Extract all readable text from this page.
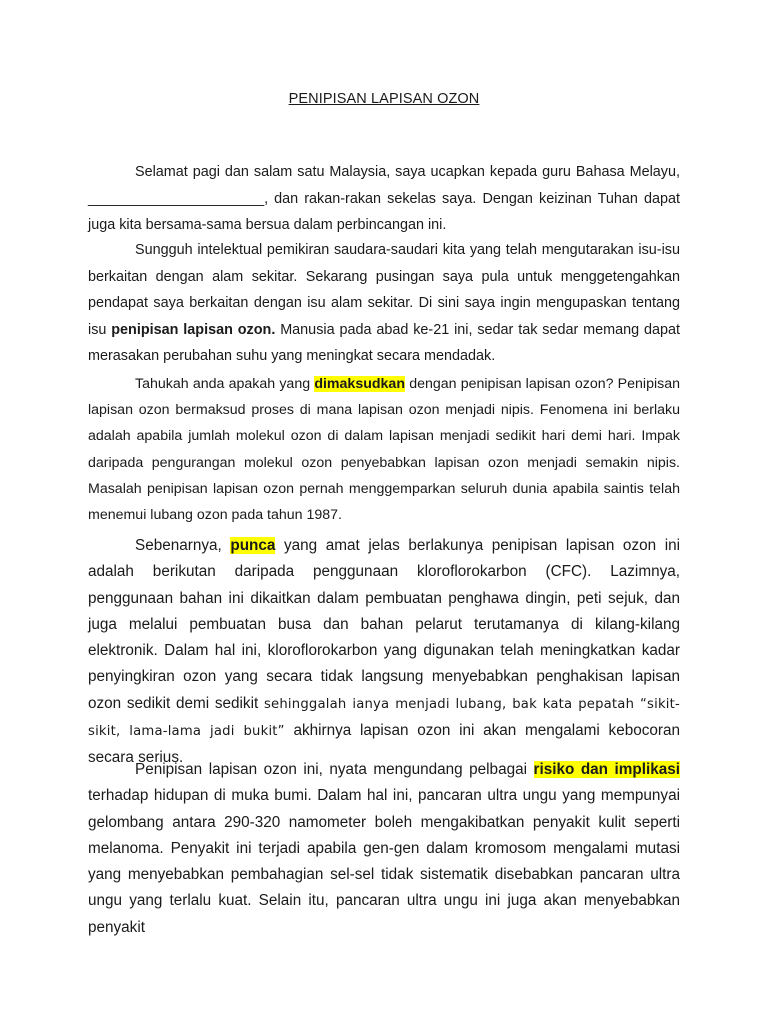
PENIPISAN LAPISAN OZON

Selamat pagi dan salam satu Malaysia, saya ucapkan kepada guru Bahasa Melayu, ______________________, dan rakan-rakan sekelas saya. Dengan keizinan Tuhan dapat juga kita bersama-sama bersua dalam perbincangan ini.

Sungguh intelektual pemikiran saudara-saudari kita yang telah mengutarakan isu-isu berkaitan dengan alam sekitar. Sekarang pusingan saya pula untuk menggetengahkan pendapat saya berkaitan dengan isu alam sekitar. Di sini saya ingin mengupaskan tentang isu penipisan lapisan ozon. Manusia pada abad ke-21 ini, sedar tak sedar memang dapat merasakan perubahan suhu yang meningkat secara mendadak.

Tahukah anda apakah yang dimaksudkan dengan penipisan lapisan ozon? Penipisan lapisan ozon bermaksud proses di mana lapisan ozon menjadi nipis. Fenomena ini berlaku adalah apabila jumlah molekul ozon di dalam lapisan menjadi sedikit hari demi hari. Impak daripada pengurangan molekul ozon penyebabkan lapisan ozon menjadi semakin nipis. Masalah penipisan lapisan ozon pernah menggemparkan seluruh dunia apabila saintis telah menemui lubang ozon pada tahun 1987.

Sebenarnya, punca yang amat jelas berlakunya penipisan lapisan ozon ini adalah berikutan daripada penggunaan kloroflorokarbon (CFC). Lazimnya, penggunaan bahan ini dikaitkan dalam pembuatan penghawa dingin, peti sejuk, dan juga melalui pembuatan busa dan bahan pelarut terutamanya di kilang-kilang elektronik. Dalam hal ini, kloroflorokarbon yang digunakan telah meningkatkan kadar penyingkiran ozon yang secara tidak langsung menyebabkan penghakisan lapisan ozon sedikit demi sedikit sehinggalah ianya menjadi lubang, bak kata pepatah “sikit-sikit, lama-lama jadi bukit” akhirnya lapisan ozon ini akan mengalami kebocoran secara serius.

Penipisan lapisan ozon ini, nyata mengundang pelbagai risiko dan implikasi terhadap hidupan di muka bumi. Dalam hal ini, pancaran ultra ungu yang mempunyai gelombang antara 290-320 namometer boleh mengakibatkan penyakit kulit seperti melanoma. Penyakit ini terjadi apabila gen-gen dalam kromosom mengalami mutasi yang menyebabkan pembahagian sel-sel tidak sistematik disebabkan pancaran ultra ungu yang terlalu kuat. Selain itu, pancaran ultra ungu ini juga akan menyebabkan penyakit
